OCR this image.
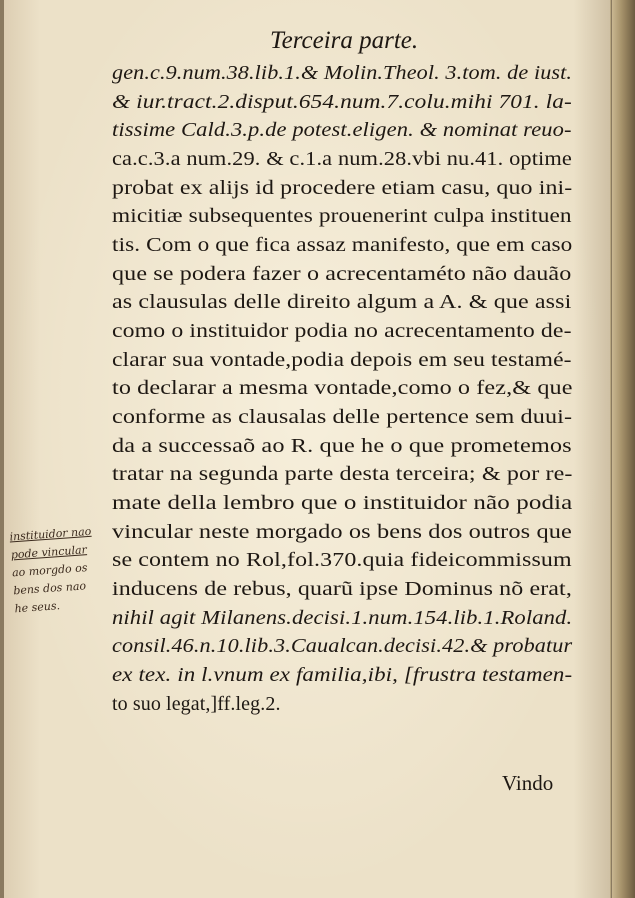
Terceira parte.
gen.c.9.num.38.lib.1.& Molin.Theol. 3.tom. de iust.
& iur.tract.2.disput.654.num.7.colu.mihi 701. la-
tissime Cald.3.p.de potest.eligen. & nominat reuo-
ca.c.3.a num.29. & c.1.a num.28.vbi nu.41. optime
probat ex alijs id procedere etiam casu, quo ini-
micitiæ subsequentes prouenerint culpa instituen
tis. Com o que fica assaz manifesto, que em caso
que se podera fazer o acrecentaméto não dauão
as clausulas delle direito algum a A. & que assi
como o instituidor podia no acrecentamento de-
clarar sua vontade,podia depois em seu testamé-
to declarar a mesma vontade,como o fez,& que
conforme as clausalas delle pertence sem duui-
da a successaõ ao R. que he o que prometemos
tratar na segunda parte desta terceira; & por re-
mate della lembro que o instituidor não podia
vincular neste morgado os bens dos outros que
se contem no Rol,fol.370.quia fideicommissum
inducens de rebus, quarũ ipse Dominus nõ erat,
nihil agit Milanens.decisi.1.num.154.lib.1.Roland.
consil.46.n.10.lib.3.Caualcan.decisi.42.& probatur
ex tex. in l.vnum ex familia,ibi, [frustra testamen-
to suo legat,]ff.leg.2.
instituidor nao
pode vincular
ao morgdo os
bens dos nao
he seus.
Vindo
